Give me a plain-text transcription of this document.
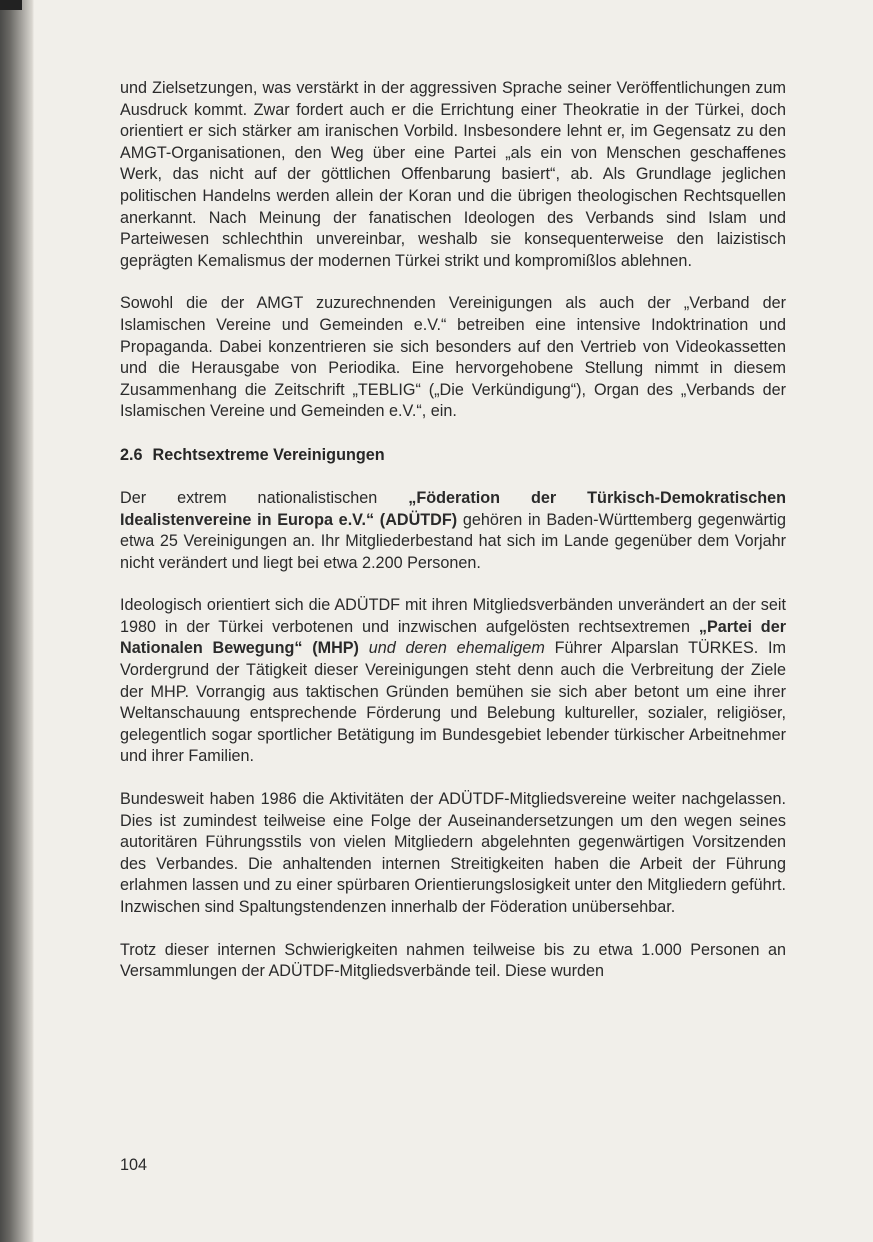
und Zielsetzungen, was verstärkt in der aggressiven Sprache seiner Veröffentlichungen zum Ausdruck kommt. Zwar fordert auch er die Errichtung einer Theokratie in der Türkei, doch orientiert er sich stärker am iranischen Vorbild. Insbesondere lehnt er, im Gegensatz zu den AMGT-Organisationen, den Weg über eine Partei „als ein von Menschen geschaffenes Werk, das nicht auf der göttlichen Offenbarung basiert“, ab. Als Grundlage jeglichen politischen Handelns werden allein der Koran und die übrigen theologischen Rechtsquellen anerkannt. Nach Meinung der fanatischen Ideologen des Verbands sind Islam und Parteiwesen schlechthin unvereinbar, weshalb sie konsequenterweise den laizistisch geprägten Kemalismus der modernen Türkei strikt und kompromißlos ablehnen.

Sowohl die der AMGT zuzurechnenden Vereinigungen als auch der „Verband der Islamischen Vereine und Gemeinden e.V.“ betreiben eine intensive Indoktrination und Propaganda. Dabei konzentrieren sie sich besonders auf den Vertrieb von Videokassetten und die Herausgabe von Periodika. Eine hervorgehobene Stellung nimmt in diesem Zusammenhang die Zeitschrift „TEBLIG“ („Die Verkündigung“), Organ des „Verbands der Islamischen Vereine und Gemeinden e.V.“, ein.

2.6 Rechtsextreme Vereinigungen

Der extrem nationalistischen „Föderation der Türkisch-Demokratischen Idealistenvereine in Europa e.V.“ (ADÜTDF) gehören in Baden-Württemberg gegenwärtig etwa 25 Vereinigungen an. Ihr Mitgliederbestand hat sich im Lande gegenüber dem Vorjahr nicht verändert und liegt bei etwa 2.200 Personen.

Ideologisch orientiert sich die ADÜTDF mit ihren Mitgliedsverbänden unverändert an der seit 1980 in der Türkei verbotenen und inzwischen aufgelösten rechtsextremen „Partei der Nationalen Bewegung“ (MHP) und deren ehemaligem Führer Alparslan TÜRKES. Im Vordergrund der Tätigkeit dieser Vereinigungen steht denn auch die Verbreitung der Ziele der MHP. Vorrangig aus taktischen Gründen bemühen sie sich aber betont um eine ihrer Weltanschauung entsprechende Förderung und Belebung kultureller, sozialer, religiöser, gelegentlich sogar sportlicher Betätigung im Bundesgebiet lebender türkischer Arbeitnehmer und ihrer Familien.

Bundesweit haben 1986 die Aktivitäten der ADÜTDF-Mitgliedsvereine weiter nachgelassen. Dies ist zumindest teilweise eine Folge der Auseinandersetzungen um den wegen seines autoritären Führungsstils von vielen Mitgliedern abgelehnten gegenwärtigen Vorsitzenden des Verbandes. Die anhaltenden internen Streitigkeiten haben die Arbeit der Führung erlahmen lassen und zu einer spürbaren Orientierungslosigkeit unter den Mitgliedern geführt. Inzwischen sind Spaltungstendenzen innerhalb der Föderation unübersehbar.

Trotz dieser internen Schwierigkeiten nahmen teilweise bis zu etwa 1.000 Personen an Versammlungen der ADÜTDF-Mitgliedsverbände teil. Diese wurden

104
